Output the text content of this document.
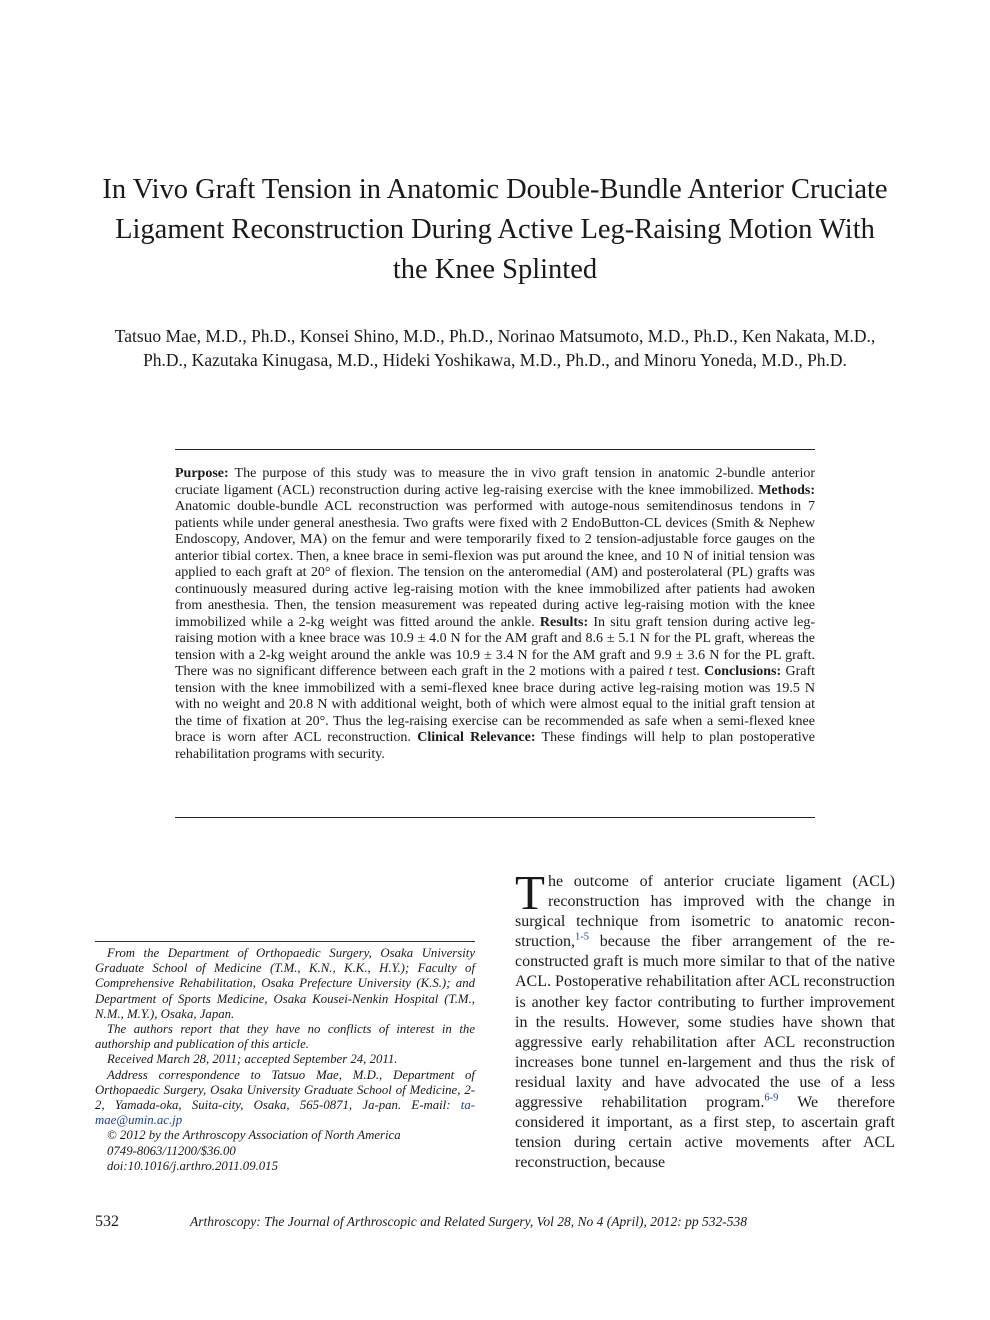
In Vivo Graft Tension in Anatomic Double-Bundle Anterior Cruciate Ligament Reconstruction During Active Leg-Raising Motion With the Knee Splinted
Tatsuo Mae, M.D., Ph.D., Konsei Shino, M.D., Ph.D., Norinao Matsumoto, M.D., Ph.D., Ken Nakata, M.D., Ph.D., Kazutaka Kinugasa, M.D., Hideki Yoshikawa, M.D., Ph.D., and Minoru Yoneda, M.D., Ph.D.
Purpose: The purpose of this study was to measure the in vivo graft tension in anatomic 2-bundle anterior cruciate ligament (ACL) reconstruction during active leg-raising exercise with the knee immobilized. Methods: Anatomic double-bundle ACL reconstruction was performed with autoge-nous semitendinosus tendons in 7 patients while under general anesthesia. Two grafts were fixed with 2 EndoButton-CL devices (Smith & Nephew Endoscopy, Andover, MA) on the femur and were temporarily fixed to 2 tension-adjustable force gauges on the anterior tibial cortex. Then, a knee brace in semi-flexion was put around the knee, and 10 N of initial tension was applied to each graft at 20° of flexion. The tension on the anteromedial (AM) and posterolateral (PL) grafts was continuously measured during active leg-raising motion with the knee immobilized after patients had awoken from anesthesia. Then, the tension measurement was repeated during active leg-raising motion with the knee immobilized while a 2-kg weight was fitted around the ankle. Results: In situ graft tension during active leg-raising motion with a knee brace was 10.9 ± 4.0 N for the AM graft and 8.6 ± 5.1 N for the PL graft, whereas the tension with a 2-kg weight around the ankle was 10.9 ± 3.4 N for the AM graft and 9.9 ± 3.6 N for the PL graft. There was no significant difference between each graft in the 2 motions with a paired t test. Conclusions: Graft tension with the knee immobilized with a semi-flexed knee brace during active leg-raising motion was 19.5 N with no weight and 20.8 N with additional weight, both of which were almost equal to the initial graft tension at the time of fixation at 20°. Thus the leg-raising exercise can be recommended as safe when a semi-flexed knee brace is worn after ACL reconstruction. Clinical Relevance: These findings will help to plan postoperative rehabilitation programs with security.

From the Department of Orthopaedic Surgery, Osaka University Graduate School of Medicine (T.M., K.N., K.K., H.Y.); Faculty of Comprehensive Rehabilitation, Osaka Prefecture University (K.S.); and Department of Sports Medicine, Osaka Kousei-Nenkin Hospital (T.M., N.M., M.Y.), Osaka, Japan.

The authors report that they have no conflicts of interest in the authorship and publication of this article.

Received March 28, 2011; accepted September 24, 2011.

Address correspondence to Tatsuo Mae, M.D., Department of Orthopaedic Surgery, Osaka University Graduate School of Medicine, 2-2, Yamada-oka, Suita-city, Osaka, 565-0871, Ja-pan. E-mail: ta-mae@umin.ac.jp

© 2012 by the Arthroscopy Association of North America

0749-8063/11200/$36.00

doi:10.1016/j.arthro.2011.09.015

The outcome of anterior cruciate ligament (ACL) reconstruction has improved with the change in surgical technique from isometric to anatomic recon-struction,$^{1-5}$ because the fiber arrangement of the re-constructed graft is much more similar to that of the native ACL. Postoperative rehabilitation after ACL reconstruction is another key factor contributing to further improvement in the results. However, some studies have shown that aggressive early rehabilitation after ACL reconstruction increases bone tunnel en-largement and thus the risk of residual laxity and have advocated the use of a less aggressive rehabilitation program.$^{6-9}$ We therefore considered it important, as a first step, to ascertain graft tension during certain active movements after ACL reconstruction, because

532	Arthroscopy: The Journal of Arthroscopic and Related Surgery, Vol 28, No 4 (April), 2012: pp 532-538
